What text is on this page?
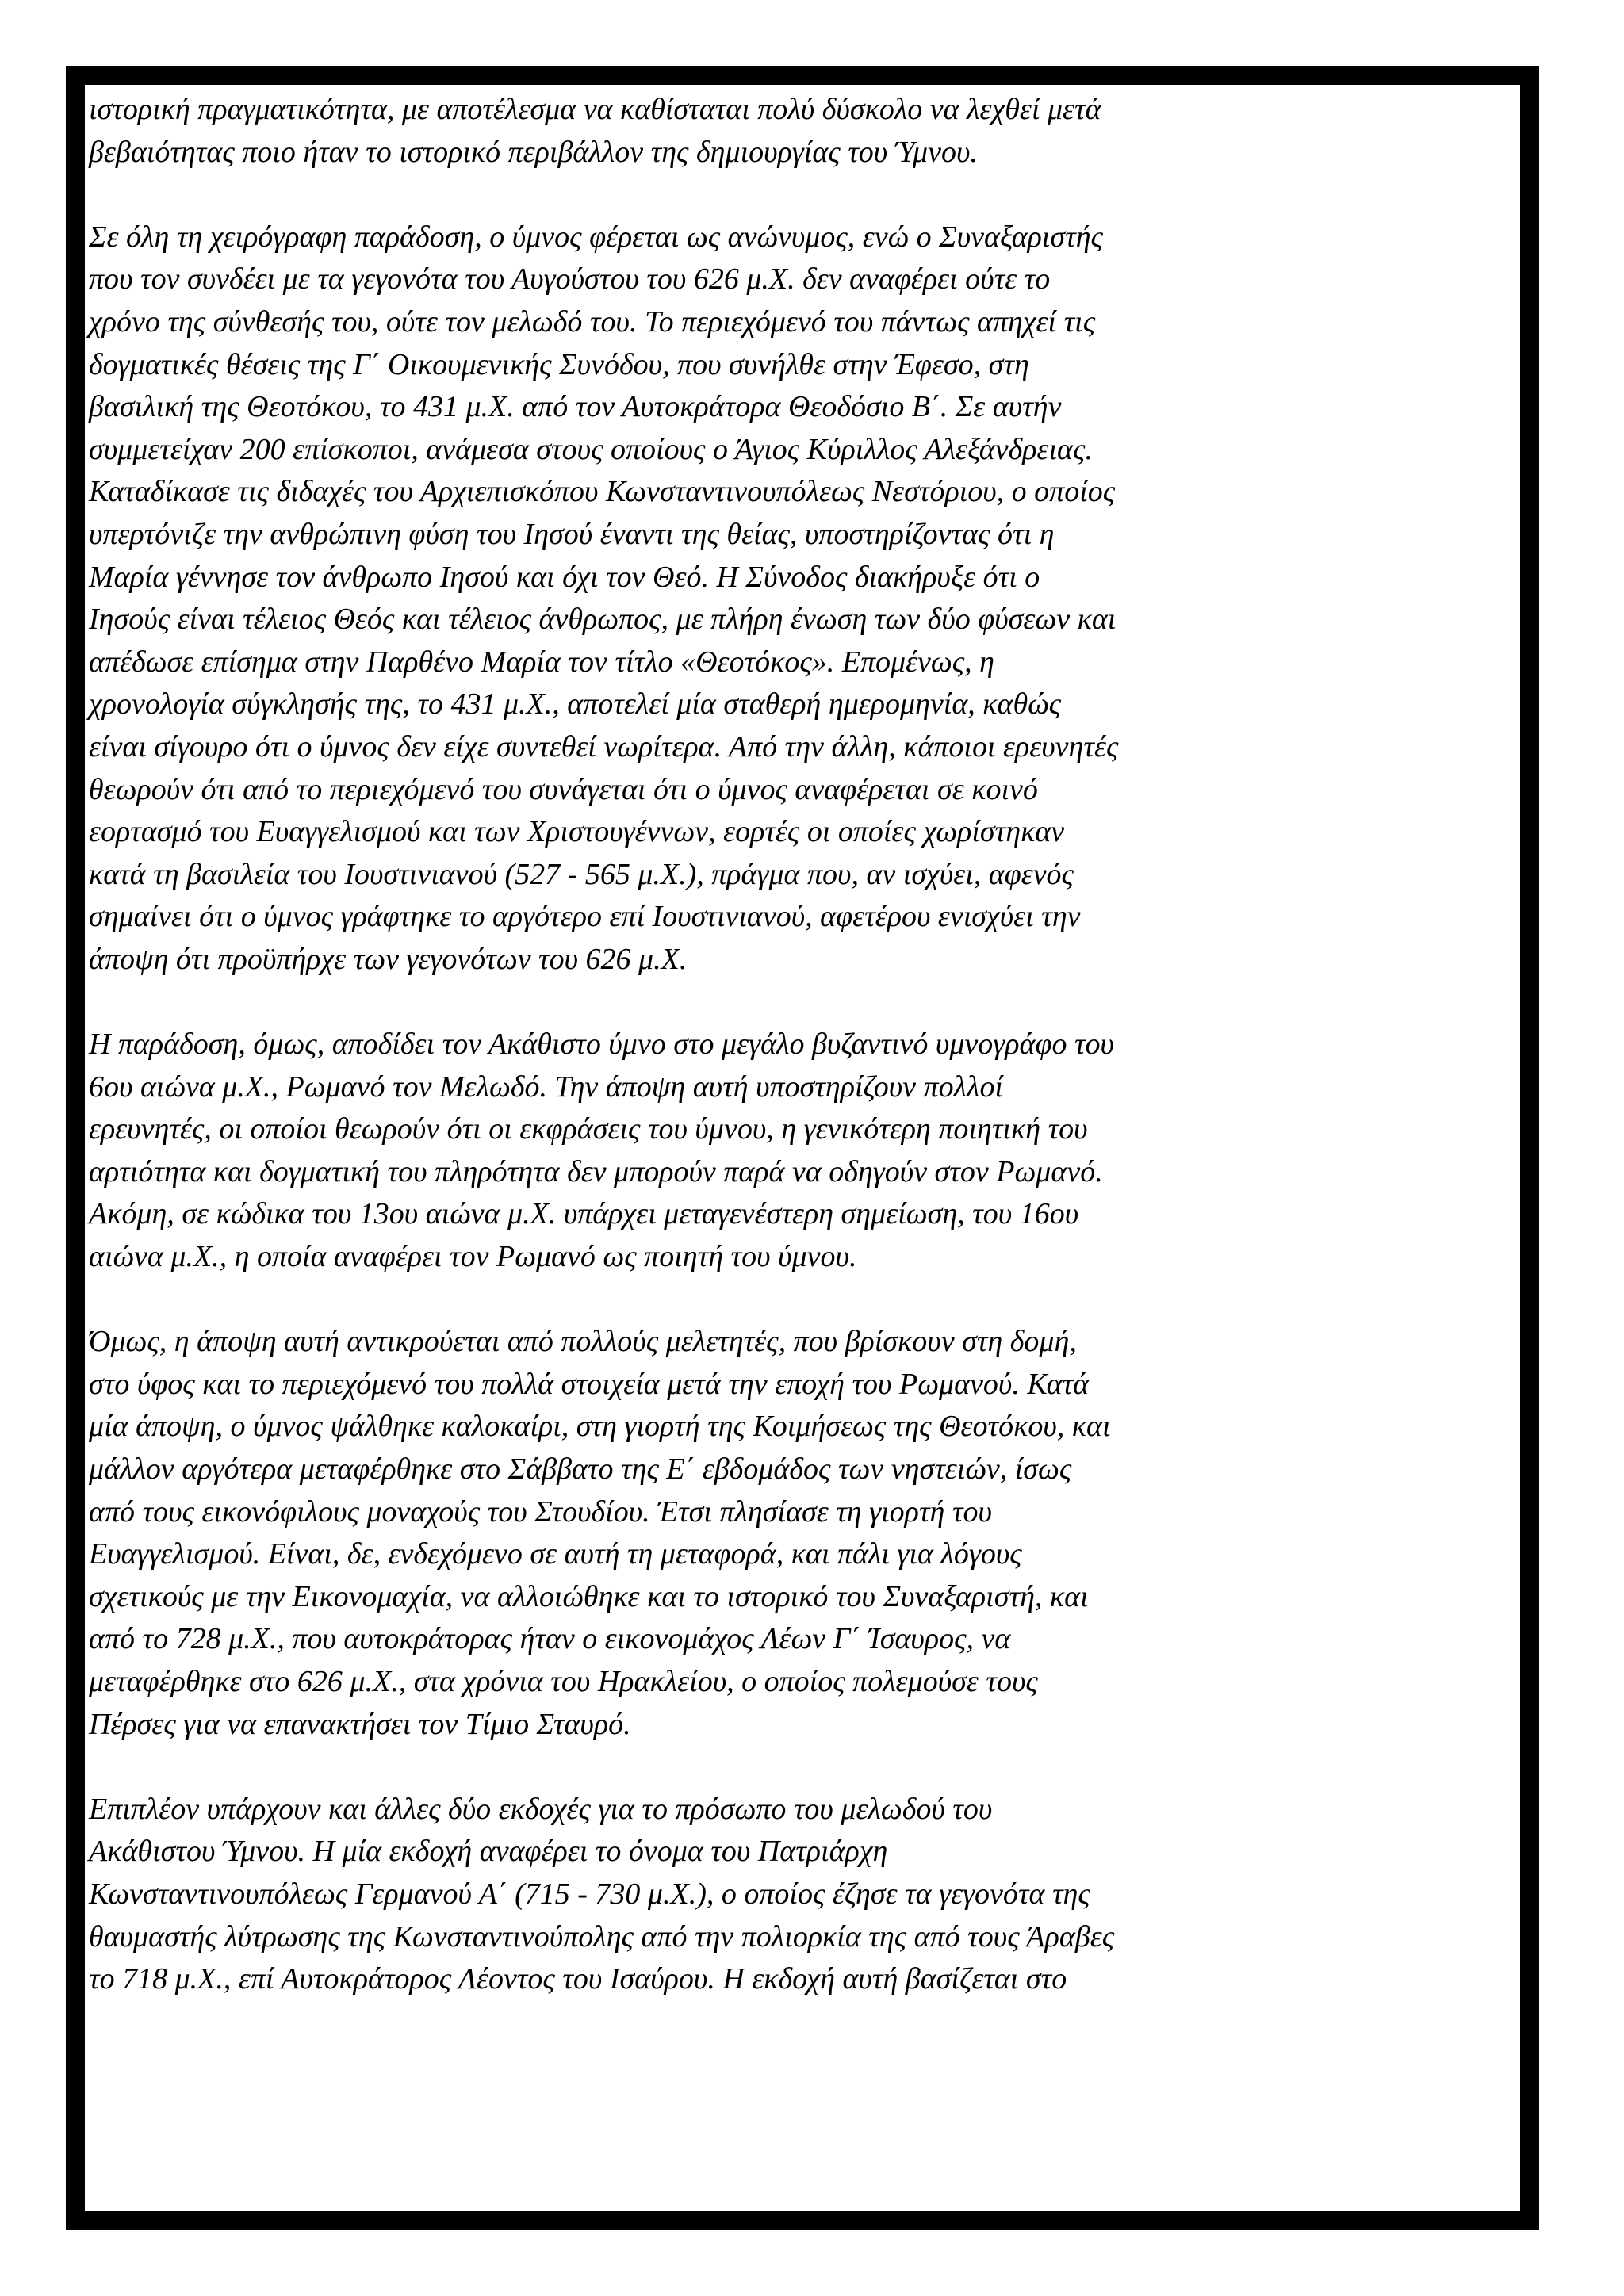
ιστορική πραγματικότητα, με αποτέλεσμα να καθίσταται πολύ δύσκολο να λεχθεί μετά
βεβαιότητας ποιο ήταν το ιστορικό περιβάλλον της δημιουργίας του Ύμνου.

Σε όλη τη χειρόγραφη παράδοση, ο ύμνος φέρεται ως ανώνυμος, ενώ ο Συναξαριστής
που τον συνδέει με τα γεγονότα του Αυγούστου του 626 μ.Χ. δεν αναφέρει ούτε το
χρόνο της σύνθεσής του, ούτε τον μελωδό του. Το περιεχόμενό του πάντως απηχεί τις
δογματικές θέσεις της Γ΄ Οικουμενικής Συνόδου, που συνήλθε στην Έφεσο, στη
βασιλική της Θεοτόκου, το 431 μ.Χ. από τον Αυτοκράτορα Θεοδόσιο Β΄. Σε αυτήν
συμμετείχαν 200 επίσκοποι, ανάμεσα στους οποίους ο Άγιος Κύριλλος Αλεξάνδρειας.
Καταδίκασε τις διδαχές του Αρχιεπισκόπου Κωνσταντινουπόλεως Νεστόριου, ο οποίος
υπερτόνιζε την ανθρώπινη φύση του Ιησού έναντι της θείας, υποστηρίζοντας ότι η
Μαρία γέννησε τον άνθρωπο Ιησού και όχι τον Θεό. Η Σύνοδος διακήρυξε ότι ο
Ιησούς είναι τέλειος Θεός και τέλειος άνθρωπος, με πλήρη ένωση των δύο φύσεων και
απέδωσε επίσημα στην Παρθένο Μαρία τον τίτλο «Θεοτόκος». Επομένως, η
χρονολογία σύγκλησής της, το 431 μ.Χ., αποτελεί μία σταθερή ημερομηνία, καθώς
είναι σίγουρο ότι ο ύμνος δεν είχε συντεθεί νωρίτερα. Από την άλλη, κάποιοι ερευνητές
θεωρούν ότι από το περιεχόμενό του συνάγεται ότι ο ύμνος αναφέρεται σε κοινό
εορτασμό του Ευαγγελισμού και των Χριστουγέννων, εορτές οι οποίες χωρίστηκαν
κατά τη βασιλεία του Ιουστινιανού (527 - 565 μ.Χ.), πράγμα που, αν ισχύει, αφενός
σημαίνει ότι ο ύμνος γράφτηκε το αργότερο επί Ιουστινιανού, αφετέρου ενισχύει την
άποψη ότι προϋπήρχε των γεγονότων του 626 μ.Χ.

Η παράδοση, όμως, αποδίδει τον Ακάθιστο ύμνο στο μεγάλο βυζαντινό υμνογράφο του
6ου αιώνα μ.Χ., Ρωμανό τον Μελωδό. Την άποψη αυτή υποστηρίζουν πολλοί
ερευνητές, οι οποίοι θεωρούν ότι οι εκφράσεις του ύμνου, η γενικότερη ποιητική του
αρτιότητα και δογματική του πληρότητα δεν μπορούν παρά να οδηγούν στον Ρωμανό.
Ακόμη, σε κώδικα του 13ου αιώνα μ.Χ. υπάρχει μεταγενέστερη σημείωση, του 16ου
αιώνα μ.Χ., η οποία αναφέρει τον Ρωμανό ως ποιητή του ύμνου.

Όμως, η άποψη αυτή αντικρούεται από πολλούς μελετητές, που βρίσκουν στη δομή,
στο ύφος και το περιεχόμενό του πολλά στοιχεία μετά την εποχή του Ρωμανού. Κατά
μία άποψη, ο ύμνος ψάλθηκε καλοκαίρι, στη γιορτή της Κοιμήσεως της Θεοτόκου, και
μάλλον αργότερα μεταφέρθηκε στο Σάββατο της Ε΄ εβδομάδος των νηστειών, ίσως
από τους εικονόφιλους μοναχούς του Στουδίου. Έτσι πλησίασε τη γιορτή του
Ευαγγελισμού. Είναι, δε, ενδεχόμενο σε αυτή τη μεταφορά, και πάλι για λόγους
σχετικούς με την Εικονομαχία, να αλλοιώθηκε και το ιστορικό του Συναξαριστή, και
από το 728 μ.Χ., που αυτοκράτορας ήταν ο εικονομάχος Λέων Γ΄ Ίσαυρος, να
μεταφέρθηκε στο 626 μ.Χ., στα χρόνια του Ηρακλείου, ο οποίος πολεμούσε τους
Πέρσες για να επανακτήσει τον Τίμιο Σταυρό.

Επιπλέον υπάρχουν και άλλες δύο εκδοχές για το πρόσωπο του μελωδού του
Ακάθιστου Ύμνου. Η μία εκδοχή αναφέρει το όνομα του Πατριάρχη
Κωνσταντινουπόλεως Γερμανού Α΄ (715 - 730 μ.Χ.), ο οποίος έζησε τα γεγονότα της
θαυμαστής λύτρωσης της Κωνσταντινούπολης από την πολιορκία της από τους Άραβες
το 718 μ.Χ., επί Αυτοκράτορος Λέοντος του Ισαύρου. Η εκδοχή αυτή βασίζεται στο
